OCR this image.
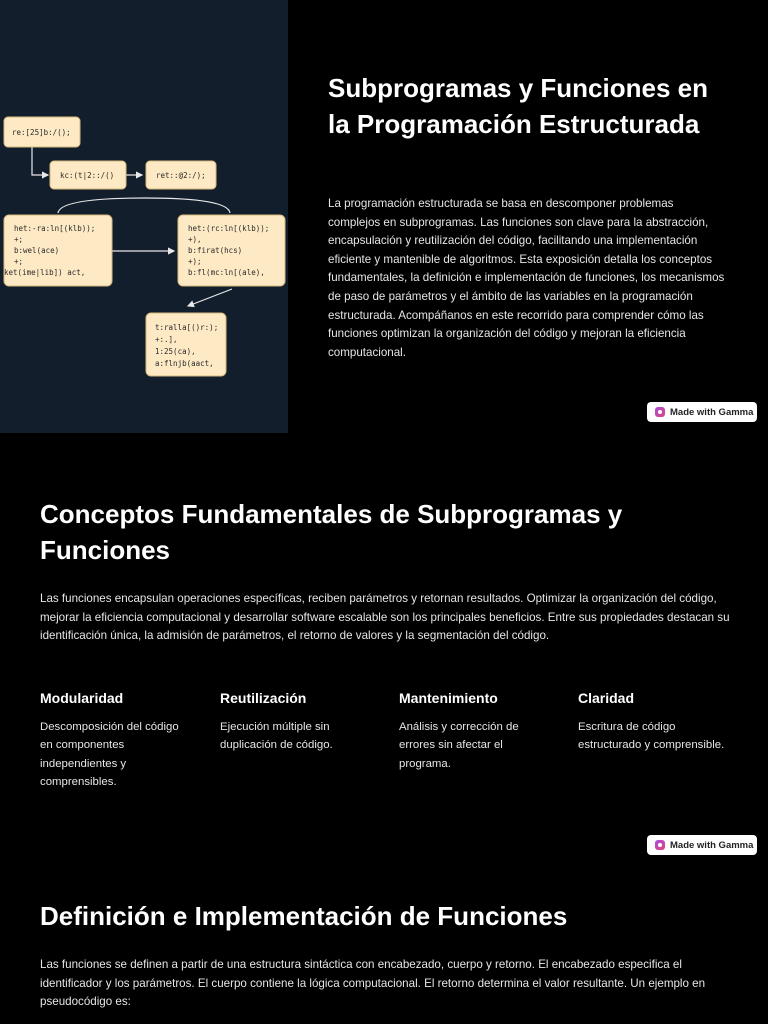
re:[25]b:/();
kc:(t|2::/()	ret::@2:/);
het:-ra:ln[(klb));
+;
b:wel(ace)
+;
ket(ime|lib]) act,
het:(rc:ln[(klb));
+),
b:firat(hcs)
+);
b:fl(mc:ln[(ale),
t:ralla[()r:);
+:.],
1:25(ca),
a:flnjb(aact,
Subprogramas y Funciones en la Programación Estructurada

La programación estructurada se basa en descomponer problemas complejos en subprogramas. Las funciones son clave para la abstracción, encapsulación y reutilización del código, facilitando una implementación eficiente y mantenible de algoritmos. Esta exposición detalla los conceptos fundamentales, la definición e implementación de funciones, los mecanismos de paso de parámetros y el ámbito de las variables en la programación estructurada. Acompáñanos en este recorrido para comprender cómo las funciones optimizan la organización del código y mejoran la eficiencia computacional.

Made with Gamma
Conceptos Fundamentales de Subprogramas y Funciones

Las funciones encapsulan operaciones específicas, reciben parámetros y retornan resultados. Optimizar la organización del código, mejorar la eficiencia computacional y desarrollar software escalable son los principales beneficios. Entre sus propiedades destacan su identificación única, la admisión de parámetros, el retorno de valores y la segmentación del código.

Modularidad

Descomposición del código en componentes independientes y comprensibles.

Reutilización

Ejecución múltiple sin duplicación de código.

Mantenimiento

Análisis y corrección de errores sin afectar el programa.

Claridad

Escritura de código estructurado y comprensible.

Made with Gamma
Definición e Implementación de Funciones

Las funciones se definen a partir de una estructura sintáctica con encabezado, cuerpo y retorno. El encabezado especifica el identificador y los parámetros. El cuerpo contiene la lógica computacional. El retorno determina el valor resultante. Un ejemplo en pseudocódigo es:
